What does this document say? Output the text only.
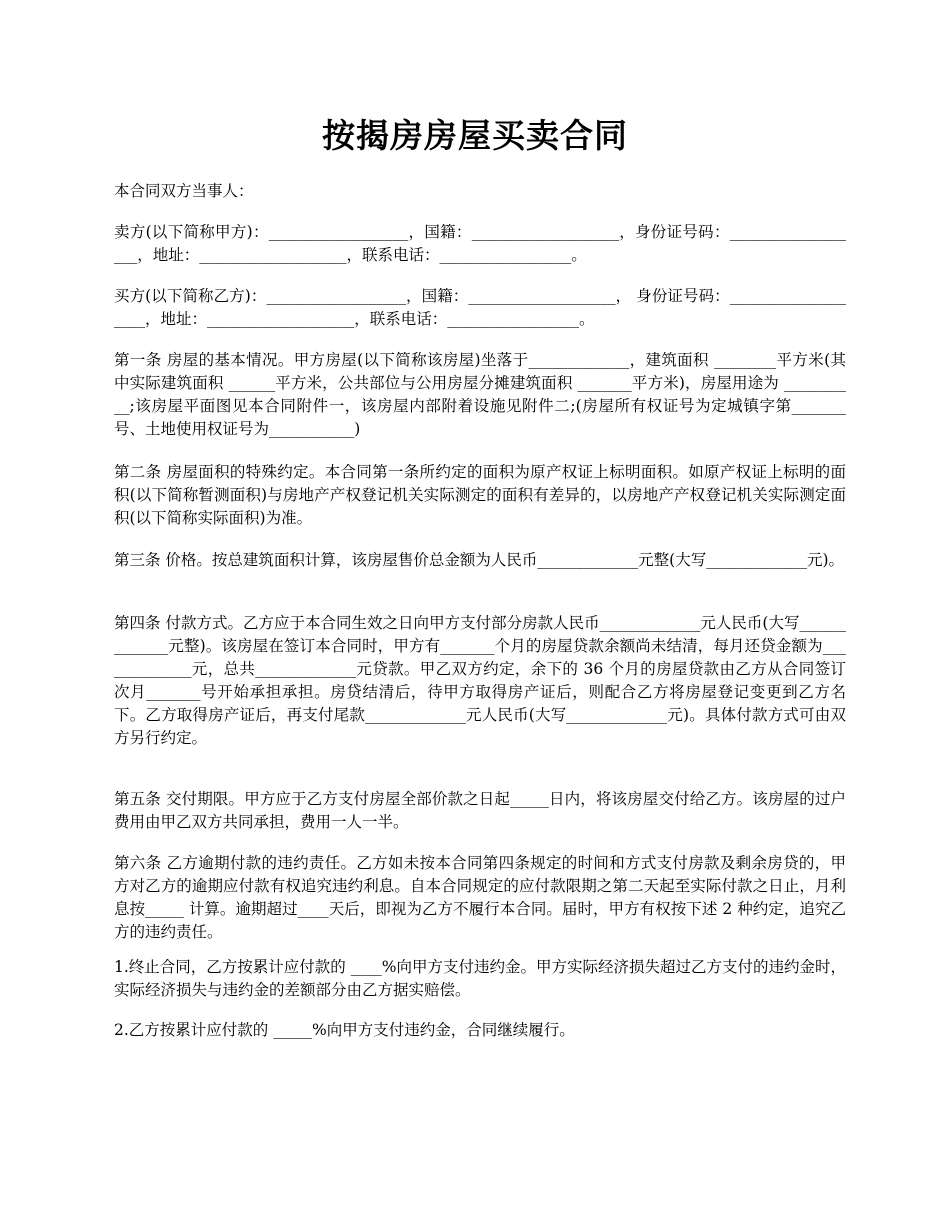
按揭房房屋买卖合同

本合同双方当事人：

卖方(以下简称甲方)：__________________，国籍：___________________，身份证号码：__________________，地址：___________________，联系电话：_________________。

买方(以下简称乙方)：__________________，国籍：___________________， 身份证号码：___________________，地址：___________________，联系电话：_________________。

第一条 房屋的基本情况。甲方房屋(以下简称该房屋)坐落于_____________，建筑面积 ________平方米(其中实际建筑面积 ______平方米，公共部位与公用房屋分摊建筑面积 _______平方米)，房屋用途为 __________;该房屋平面图见本合同附件一，该房屋内部附着设施见附件二;(房屋所有权证号为定城镇字第_______号、土地使用权证号为___________)

第二条 房屋面积的特殊约定。本合同第一条所约定的面积为原产权证上标明面积。如原产权证上标明的面积(以下简称暂测面积)与房地产产权登记机关实际测定的面积有差异的，以房地产产权登记机关实际测定面积(以下简称实际面积)为准。

第三条 价格。按总建筑面积计算，该房屋售价总金额为人民币_____________元整(大写_____________元)。

第四条 付款方式。乙方应于本合同生效之日向甲方支付部分房款人民币_____________元人民币(大写_____________元整)。该房屋在签订本合同时，甲方有_______个月的房屋贷款余额尚未结清，每月还贷金额为_____________元，总共_____________元贷款。甲乙双方约定，余下的 36 个月的房屋贷款由乙方从合同签订次月_______号开始承担承担。房贷结清后，待甲方取得房产证后，则配合乙方将房屋登记变更到乙方名下。乙方取得房产证后，再支付尾款_____________元人民币(大写_____________元)。具体付款方式可由双方另行约定。

第五条 交付期限。甲方应于乙方支付房屋全部价款之日起_____日内，将该房屋交付给乙方。该房屋的过户费用由甲乙双方共同承担，费用一人一半。

第六条 乙方逾期付款的违约责任。乙方如未按本合同第四条规定的时间和方式支付房款及剩余房贷的，甲方对乙方的逾期应付款有权追究违约利息。自本合同规定的应付款限期之第二天起至实际付款之日止，月利息按_____ 计算。逾期超过____天后，即视为乙方不履行本合同。届时，甲方有权按下述 2 种约定，追究乙方的违约责任。

1.终止合同，乙方按累计应付款的 ____%向甲方支付违约金。甲方实际经济损失超过乙方支付的违约金时，实际经济损失与违约金的差额部分由乙方据实赔偿。

2.乙方按累计应付款的 _____%向甲方支付违约金，合同继续履行。
